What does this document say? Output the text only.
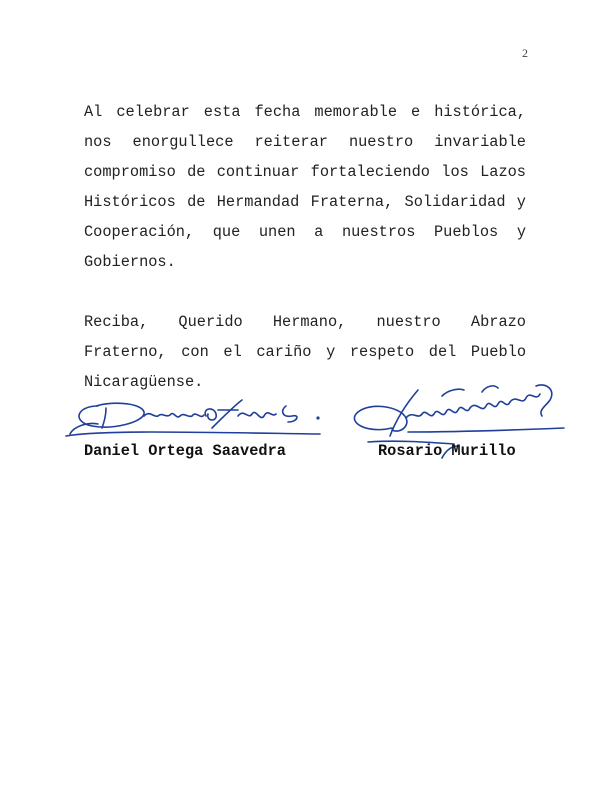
2

Al celebrar esta fecha memorable e histórica, nos enorgullece reiterar nuestro invariable compromiso de continuar fortaleciendo los Lazos Históricos de Hermandad Fraterna, Solidaridad y Cooperación, que unen a nuestros Pueblos y Gobiernos.

Reciba, Querido Hermano, nuestro Abrazo Fraterno, con el cariño y respeto del Pueblo Nicaragüense.

Daniel Ortega Saavedra	Rosario Murillo
